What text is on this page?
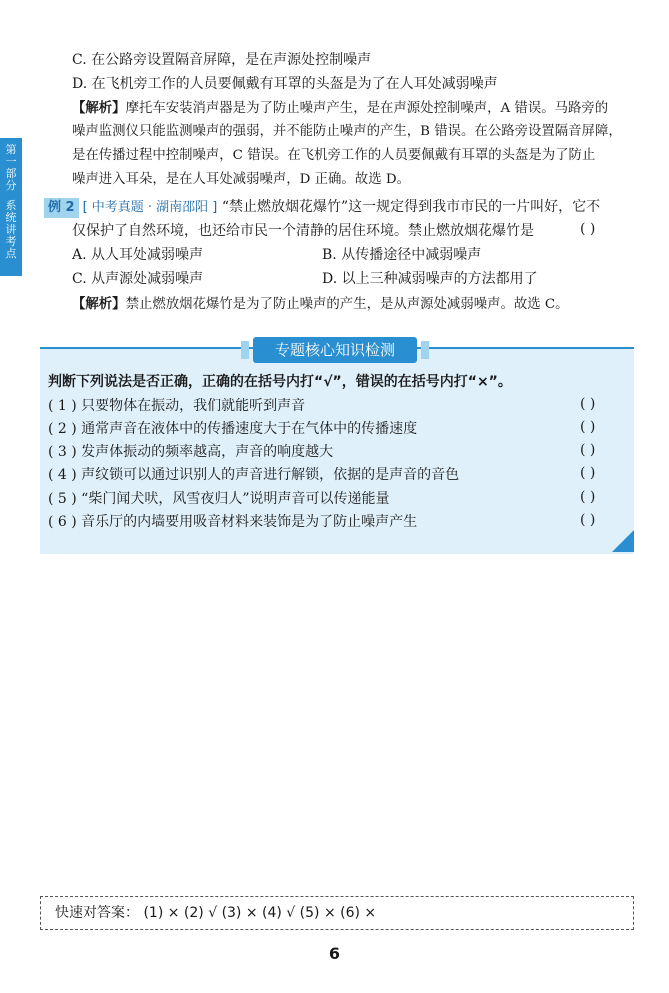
第
一
部
分
系
统
讲
考
点
C. 在公路旁设置隔音屏障，是在声源处控制噪声
D. 在飞机旁工作的人员要佩戴有耳罩的头盔是为了在人耳处减弱噪声
【解析】摩托车安装消声器是为了防止噪声产生，是在声源处控制噪声，A 错误。马路旁的
噪声监测仪只能监测噪声的强弱，并不能防止噪声的产生，B 错误。在公路旁设置隔音屏障，
是在传播过程中控制噪声，C 错误。在飞机旁工作的人员要佩戴有耳罩的头盔是为了防止
噪声进入耳朵，是在人耳处减弱噪声，D 正确。故选 D。
例 2 [ 中考真题 · 湖南邵阳 ] “禁止燃放烟花爆竹”这一规定得到我市市民的一片叫好，它不
仅保护了自然环境，也还给市民一个清静的居住环境。禁止燃放烟花爆竹是	( )
A. 从人耳处减弱噪声	B. 从传播途径中减弱噪声
C. 从声源处减弱噪声	D. 以上三种减弱噪声的方法都用了
【解析】禁止燃放烟花爆竹是为了防止噪声的产生，是从声源处减弱噪声。故选 C。
专题核心知识检测
判断下列说法是否正确，正确的在括号内打“√”，错误的在括号内打“×”。
( 1 ) 只要物体在振动，我们就能听到声音	( )
( 2 ) 通常声音在液体中的传播速度大于在气体中的传播速度	( )
( 3 ) 发声体振动的频率越高，声音的响度越大	( )
( 4 ) 声纹锁可以通过识别人的声音进行解锁，依据的是声音的音色	( )
( 5 ) “柴门闻犬吠，风雪夜归人”说明声音可以传递能量	( )
( 6 ) 音乐厅的内墙要用吸音材料来装饰是为了防止噪声产生	( )
快速对答案： (1) × (2) √ (3) × (4) √ (5) × (6) ×
6
